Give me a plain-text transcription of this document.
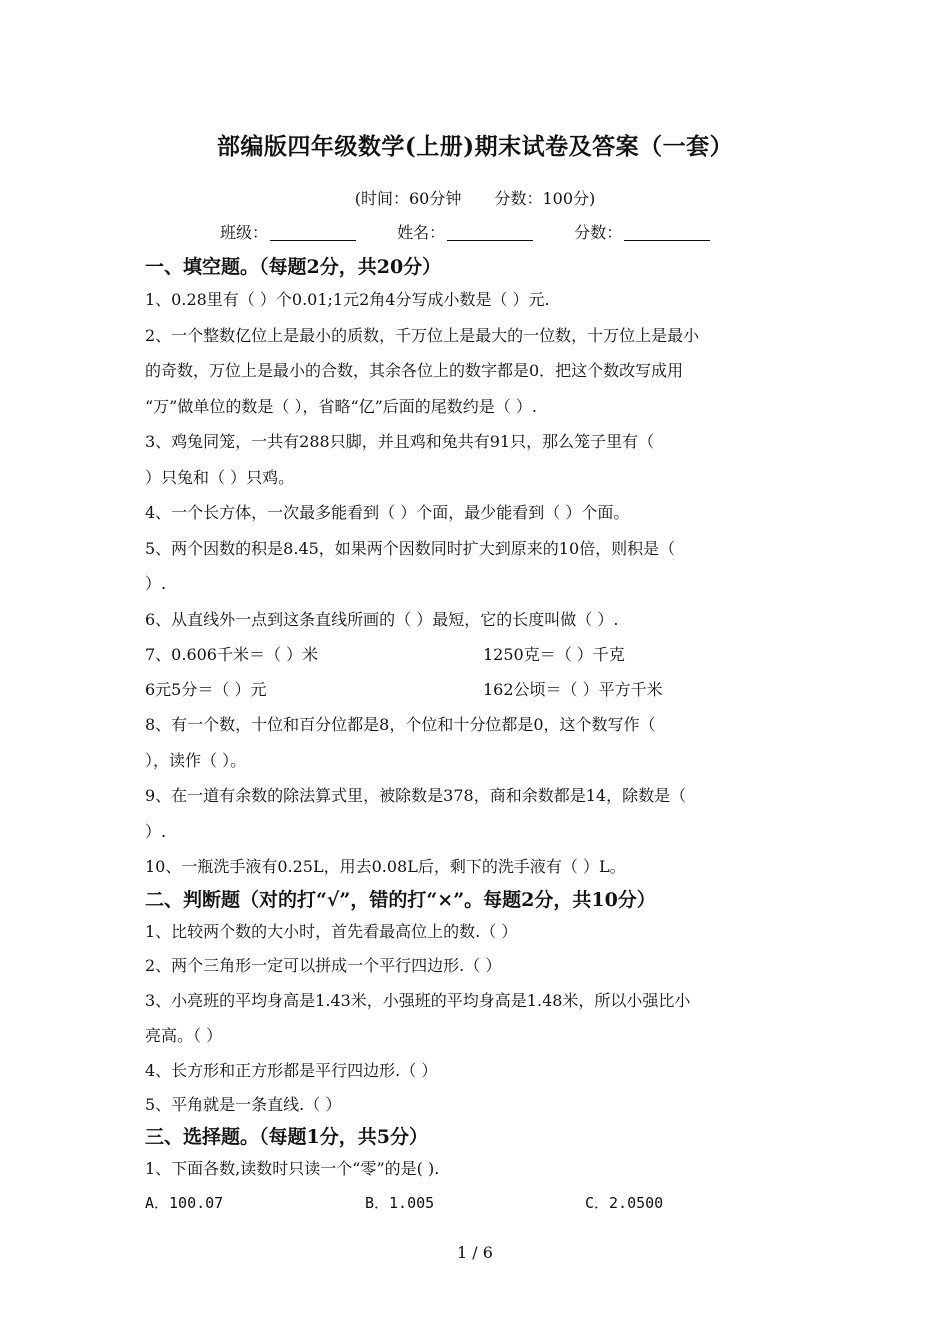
部编版四年级数学(上册)期末试卷及答案（一套）
(时间：60分钟 分数：100分)
班级：	姓名：	分数：
一、填空题。（每题2分，共20分）
1、0.28里有（ ）个0.01;1元2角4分写成小数是（ ）元.
2、一个整数亿位上是最小的质数，千万位上是最大的一位数，十万位上是最小
的奇数，万位上是最小的合数，其余各位上的数字都是0．把这个数改写成用
“万”做单位的数是（ ），省略“亿”后面的尾数约是（ ）.
3、鸡兔同笼，一共有288只脚，并且鸡和兔共有91只，那么笼子里有（
）只兔和（ ）只鸡。
4、一个长方体，一次最多能看到（ ）个面，最少能看到（ ）个面。
5、两个因数的积是8.45，如果两个因数同时扩大到原来的10倍，则积是（
）.
6、从直线外一点到这条直线所画的（ ）最短，它的长度叫做（ ）.
7、0.606千米＝（ ）米	1250克＝（ ）千克
6元5分＝（ ）元	162公顷＝（ ）平方千米
8、有一个数，十位和百分位都是8，个位和十分位都是0，这个数写作（
），读作（ ）。
9、在一道有余数的除法算式里，被除数是378，商和余数都是14，除数是（
）.
10、一瓶洗手液有0.25L，用去0.08L后，剩下的洗手液有（ ）L。
二、判断题（对的打“√”，错的打“×”。每题2分，共10分）
1、比较两个数的大小时，首先看最高位上的数.（ ）
2、两个三角形一定可以拼成一个平行四边形.（ ）
3、小亮班的平均身高是1.43米，小强班的平均身高是1.48米，所以小强比小
亮高。（ ）
4、长方形和正方形都是平行四边形.（ ）
5、平角就是一条直线.（ ）
三、选择题。（每题1分，共5分）
1、下面各数,读数时只读一个“零”的是( ).
A．100.07	B．1.005	C．2.0500
1 / 6
